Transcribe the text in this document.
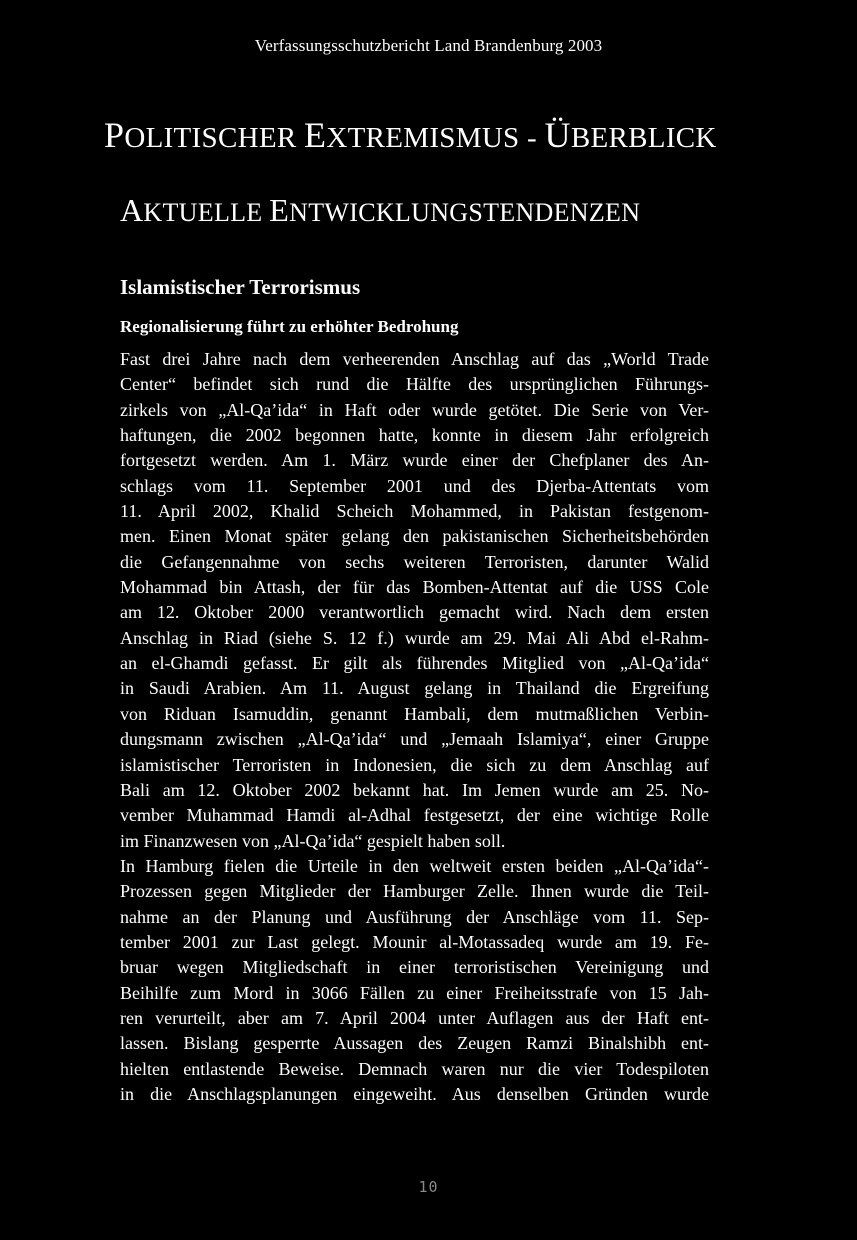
Verfassungsschutzbericht Land Brandenburg 2003
POLITISCHER EXTREMISMUS - ÜBERBLICK
AKTUELLE ENTWICKLUNGSTENDENZEN
Islamistischer Terrorismus
Regionalisierung führt zu erhöhter Bedrohung
Fast drei Jahre nach dem verheerenden Anschlag auf das „World Trade
Center“ befindet sich rund die Hälfte des ursprünglichen Führungs-
zirkels von „Al-Qa’ida“ in Haft oder wurde getötet. Die Serie von Ver-
haftungen, die 2002 begonnen hatte, konnte in diesem Jahr erfolgreich
fortgesetzt werden. Am 1. März wurde einer der Chefplaner des An-
schlags vom 11. September 2001 und des Djerba-Attentats vom
11. April 2002, Khalid Scheich Mohammed, in Pakistan festgenom-
men. Einen Monat später gelang den pakistanischen Sicherheitsbehörden
die Gefangennahme von sechs weiteren Terroristen, darunter Walid
Mohammad bin Attash, der für das Bomben-Attentat auf die USS Cole
am 12. Oktober 2000 verantwortlich gemacht wird. Nach dem ersten
Anschlag in Riad (siehe S. 12 f.) wurde am 29. Mai Ali Abd el-Rahm-
an el-Ghamdi gefasst. Er gilt als führendes Mitglied von „Al-Qa’ida“
in Saudi Arabien. Am 11. August gelang in Thailand die Ergreifung
von Riduan Isamuddin, genannt Hambali, dem mutmaßlichen Verbin-
dungsmann zwischen „Al-Qa’ida“ und „Jemaah Islamiya“, einer Gruppe
islamistischer Terroristen in Indonesien, die sich zu dem Anschlag auf
Bali am 12. Oktober 2002 bekannt hat. Im Jemen wurde am 25. No-
vember Muhammad Hamdi al-Adhal festgesetzt, der eine wichtige Rolle
im Finanzwesen von „Al-Qa’ida“ gespielt haben soll.
In Hamburg fielen die Urteile in den weltweit ersten beiden „Al-Qa’ida“-
Prozessen gegen Mitglieder der Hamburger Zelle. Ihnen wurde die Teil-
nahme an der Planung und Ausführung der Anschläge vom 11. Sep-
tember 2001 zur Last gelegt. Mounir al-Motassadeq wurde am 19. Fe-
bruar wegen Mitgliedschaft in einer terroristischen Vereinigung und
Beihilfe zum Mord in 3066 Fällen zu einer Freiheitsstrafe von 15 Jah-
ren verurteilt, aber am 7. April 2004 unter Auflagen aus der Haft ent-
lassen. Bislang gesperrte Aussagen des Zeugen Ramzi Binalshibh ent-
hielten entlastende Beweise. Demnach waren nur die vier Todespiloten
in die Anschlagsplanungen eingeweiht. Aus denselben Gründen wurde
10
